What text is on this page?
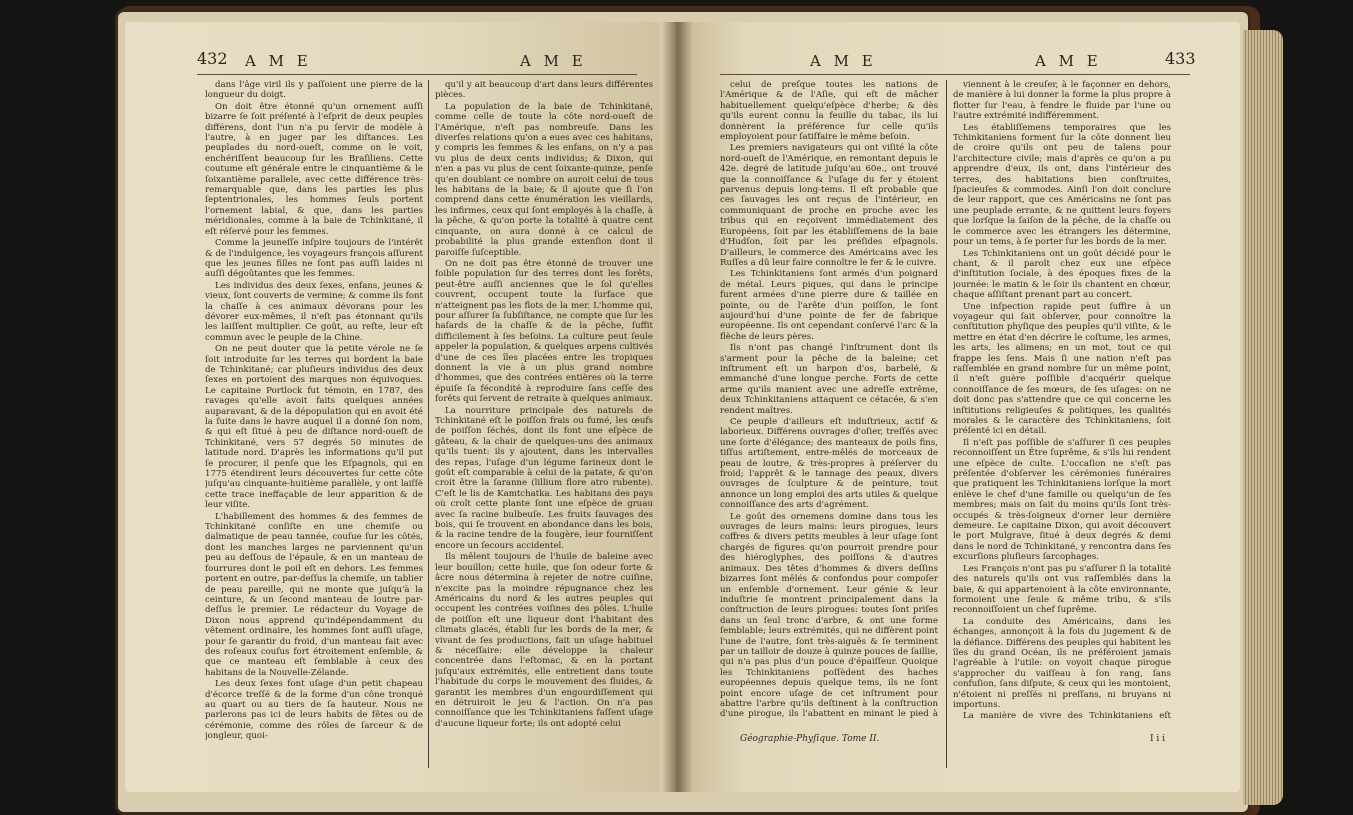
432 A M E	A M E

dans l'âge viril ils y paſſoient une pierre de la longueur du doigt.

On doit être étonné qu'un ornement auſſi bizarre ſe ſoit préſenté à l'eſprit de deux peuples différens, dont l'un n'a pu ſervir de modèle à l'autre, à en juger par les diſtances. Les peuplades du nord-oueſt, comme on le voit, enchériſſent beaucoup ſur les Braſiliens. Cette coutume eſt générale entre le cinquantième & le ſoixantième parallele, avec cette différence très-remarquable que, dans les parties les plus ſeptentrionales, les hommes ſeuls portent l'ornement labial, & que, dans les parties méridionales, comme à la baie de Tchinkitané, il eſt réſervé pour les femmes.

Comme la jeuneſſe inſpire toujours de l'intérêt & de l'indulgence, les voyageurs françois aſſurent que les jeunes filles ne ſont pas auſſi laides ni auſſi dégoûtantes que les femmes.

Les individus des deux ſexes, enfans, jeunes & vieux, ſont couverts de vermine; & comme ils font la chaſſe à ces animaux dévorans pour les dévorer eux-mêmes, il n'eſt pas étonnant qu'ils les laiſſent multiplier. Ce goût, au reſte, leur eſt commun avec le peuple de la Chine.

On ne peut douter que la petite vérole ne ſe ſoit introduite ſur les terres qui bordent la baie de Tchinkitané; car pluſieurs individus des deux ſexes en portoient des marques non équivoques. Le capitaine Portlock fut témoin, en 1787, des ravages qu'elle avoit faits quelques années auparavant, & de la dépopulation qui en avoit été la ſuite dans le havre auquel il a donné ſon nom, & qui eſt ſitué à peu de diſtance nord-oueſt de Tchinkitané, vers 57 degrés 50 minutes de latitude nord. D'après les informations qu'il put ſe procurer, il penſe que les Eſpagnols, qui en 1775 étendirent leurs découvertes ſur cette côte juſqu'au cinquante-huitième parallèle, y ont laiſſé cette trace ineffaçable de leur apparition & de leur viſite.

L'habillement des hommes & des femmes de Tchinkitané conſiſte en une chemiſe ou dalmatique de peau tannée, couſue ſur les côtés, dont les manches larges ne parviennent qu'un peu au deſſous de l'épaule, & en un manteau de fourrures dont le poil eſt en dehors. Les femmes portent en outre, par-deſſus la chemiſe, un tablier de peau pareille, qui ne monte que juſqu'à la ceinture, & un ſecond manteau de loutre par-deſſus le premier. Le rédacteur du Voyage de Dixon nous apprend qu'indépendamment du vêtement ordinaire, les hommes ſont auſſi uſage, pour ſe garantir du froid, d'un manteau fait avec des roſeaux couſus fort étroitement enſemble, & que ce manteau eſt ſemblable à ceux des habitans de la Nouvelle-Zélande.

Les deux ſexes font uſage d'un petit chapeau d'écorce treſſé & de la forme d'un cône tronqué au quart ou au tiers de ſa hauteur. Nous ne parlerons pas ici de leurs habits de fêtes ou de cérémonie, comme des rôles de ſarceur & de jongleur, quoi-

qu'il y ait beaucoup d'art dans leurs différentes pièces.

La population de la baie de Tchinkitané, comme celle de toute la côte nord-oueſt de l'Amérique, n'eſt pas nombreuſe. Dans les diverſes relations qu'on a eues avec ces habitans, y compris les femmes & les enfans, on n'y a pas vu plus de deux cents individus; & Dixon, qui n'en a pas vu plus de cent ſoixante-quinze, penſe qu'en doublant ce nombre on auroit celui de tous les habitans de la baie; & il ajoute que ſi l'on comprend dans cette énumération les vieillards, les infirmes, ceux qui ſont employés à la chaſſe, à la pêche, & qu'on porte la totalité à quatre cent cinquante, on aura donné à ce calcul de probabilité la plus grande extenſion dont il paroiſſe ſuſceptible.

On ne doit pas être étonné de trouver une foible population ſur des terres dont les forêts, peut-être auſſi anciennes que le ſol qu'elles couvrent, occupent toute la ſurface que n'atteignent pas les flots de la mer. L'homme qui, pour aſſurer ſa ſubſiſtance, ne compte que ſur les haſards de la chaſſe & de la pêche, ſuffit difficilement à ſes beſoins. La culture peut ſeule appeler la population, & quelques arpens cultivés d'une de ces îles placées entre les tropiques donnent la vie à un plus grand nombre d'hommes, que des contrées entières où la terre épuiſe ſa fécondité à reproduire ſans ceſſe des forêts qui ſervent de retraite à quelques animaux.

La nourriture principale des naturels de Tchinkitané eſt le poiſſon frais ou fumé, les œufs de poiſſon ſéchés, dont ils font une eſpèce de gâteau, & la chair de quelques-uns des animaux qu'ils tuent: ils y ajoutent, dans les intervalles des repas, l'uſage d'un légume farineux dont le goût eſt comparable à celui de la patate, & qu'on croit être la ſaranne (lillium flore atro rubente). C'eſt le lis de Kamtchatka. Les habitans des pays où croît cette plante ſont une eſpèce de gruau avec ſa racine bulbeuſe. Les fruits ſauvages des bois, qui ſe trouvent en abondance dans les bois, & la racine tendre de la fougère, leur fourniſſent encore un ſecours accidentel.

Ils mêlent toujours de l'huile de baleine avec leur bouillon; cette huile, que ſon odeur forte & âcre nous détermina à rejeter de notre cuiſine, n'excite pas la moindre répugnance chez les Américains du nord & les autres peuples qui occupent les contrées voiſines des pôles. L'huile de poiſſon eſt une liqueur dont l'habitant des climats glacés, établi ſur les bords de la mer, & vivant de ſes productions, fait un uſage habituel & néceſſaire: elle développe la chaleur concentrée dans l'eſtomac, & en la portant juſqu'aux extrémités, elle entretient dans toute l'habitude du corps le mouvement des fluides, & garantit les membres d'un engourdiſſement qui en détruiroit le jeu & l'action. On n'a pas connoiſſance que les Tchinkitaniens faſſent uſage d'aucune liqueur forte; ils ont adopté celui

A M E	A M E	433

celui de preſque toutes les nations de l'Amérique & de l'Aſie, qui eſt de mâcher habituellement quelqu'eſpèce d'herbe; & dès qu'ils eurent connu la feuille du tabac, ils lui donnèrent la préférence ſur celle qu'ils employoient pour ſatiſfaire le même beſoin.

Les premiers navigateurs qui ont viſité la côte nord-oueſt de l'Amérique, en remontant depuis le 42e. degré de latitude juſqu'au 60e., ont trouvé que la connoiſſance & l'uſage du fer y étoient parvenus depuis long-tems. Il eſt probable que ces ſauvages les ont reçus de l'intérieur, en communiquant de proche en proche avec les tribus qui en reçoivent immédiatement des Européens, ſoit par les établiſſemens de la baie d'Hudſon, ſoit par les préſides eſpagnols. D'ailleurs, le commerce des Américains avec les Ruſſes a dû leur faire connoître le fer & le cuivre.

Les Tchinkitaniens ſont armés d'un poignard de métal. Leurs piques, qui dans le principe furent armées d'une pierre dure & taillée en pointe, ou de l'arête d'un poiſſon, le ſont aujourd'hui d'une pointe de fer de fabrique européenne. Ils ont cependant conſervé l'arc & la flèche de leurs pères.

Ils n'ont pas changé l'inſtrument dont ils s'arment pour la pêche de la baleine; cet inſtrument eſt un harpon d'os, barbelé, & emmanché d'une longue perche. Forts de cette arme qu'ils manient avec une adreſſe extrême, deux Tchinkitaniens attaquent ce cétacée, & s'en rendent maîtres.

Ce peuple d'ailleurs eſt induſtrieux, actif & laborieux. Différens ouvrages d'oſier, treſſés avec une ſorte d'élégance; des manteaux de poils fins, tiſſus artiſtement, entre-mêlés de morceaux de peau de loutre, & très-propres à préſerver du froid; l'apprêt & le tannage des peaux, divers ouvrages de ſculpture & de peinture, tout annonce un long emploi des arts utiles & quelque connoiſſance des arts d'agrément.

Le goût des ornemens domine dans tous les ouvrages de leurs mains: leurs pirogues, leurs coffres & divers petits meubles à leur uſage ſont chargés de figures qu'on pourroit prendre pour des hiéroglyphes, des poiſſons & d'autres animaux. Des têtes d'hommes & divers deſſins bizarres ſont mêlés & confondus pour compoſer un enſemble d'ornement. Leur génie & leur induſtrie ſe montrent principalement dans la conſtruction de leurs pirogues: toutes ſont priſes dans un ſeul tronc d'arbre, & ont une forme ſemblable; leurs extrémités, qui ne diffèrent point l'une de l'autre, ſont très-aiguës & ſe terminent par un tailloir de douze à quinze pouces de ſaillie, qui n'a pas plus d'un pouce d'épaiſſeur. Quoique les Tchinkitaniens poſſèdent des haches européennes depuis quelque tems, ils ne ſont point encore uſage de cet inſtrument pour abattre l'arbre qu'ils deſtinent à la conſtruction d'une pirogue, ils l'abattent en minant le pied à

viennent à le creuſer, à le façonner en dehors, de manière à lui donner la forme la plus propre à flotter ſur l'eau, à fendre le fluide par l'une ou l'autre extrémité indifféremment.

Les établiſſemens temporaires que les Tchinkitaniens forment ſur la côte donnent lieu de croire qu'ils ont peu de talens pour l'architecture civile; mais d'après ce qu'on a pu apprendre d'eux, ils ont, dans l'intérieur des terres, des habitations bien conſtruites, ſpacieuſes & commodes. Ainſi l'on doit conclure de leur rapport, que ces Américains ne ſont pas une peuplade errante, & ne quittent leurs foyers que lorſque la ſaiſon de la pêche, de la chaſſe ou le commerce avec les étrangers les détermine, pour un tems, à ſe porter ſur les bords de la mer.

Les Tchinkitaniens ont un goût décidé pour le chant, & il paroît chez eux une eſpèce d'inſtitution ſociale, à des époques fixes de la journée: le matin & le ſoir ils chantent en chœur, chaque aſſiſtant prenant part au concert.

Une inſpection rapide peut ſuffire à un voyageur qui ſait obſerver, pour connoître la conſtitution phyſique des peuples qu'il viſite, & le mettre en état d'en décrire le coſtume, les armes, les arts, les alimens; en un mot, tout ce qui frappe les ſens. Mais ſi une nation n'eſt pas raſſemblée en grand nombre ſur un même point, il n'eſt guère poſſible d'acquérir quelque connoiſſance de ſes mœurs, de ſes uſages: on ne doit donc pas s'attendre que ce qui concerne les inſtitutions religieuſes & politiques, les qualités morales & le caractère des Tchinkitaniens, ſoit préſenté ici en détail.

Il n'eſt pas poſſible de s'aſſurer ſi ces peuples reconnoiſſent un Être ſuprême, & s'ils lui rendent une eſpèce de culte. L'occaſion ne s'eſt pas préſentée d'obſerver les cérémonies funéraires que pratiquent les Tchinkitaniens lorſque la mort enlève le chef d'une famille ou quelqu'un de ſes membres; mais on ſait du moins qu'ils ſont très-occupés & très-ſoigneux d'orner leur dernière demeure. Le capitaine Dixon, qui avoit découvert le port Mulgrave, ſitué à deux degrés & demi dans le nord de Tchinkitané, y rencontra dans ſes excurſions pluſieurs ſarcophages.

Les François n'ont pas pu s'aſſurer ſi la totalité des naturels qu'ils ont vus raſſemblés dans la baie, & qui appartenoient à la côte environnante, formoient une ſeule & même tribu, & s'ils reconnoiſſoient un chef ſuprême.

La conduite des Américains, dans les échanges, annonçoit à la fois du jugement & de la défiance. Différens des peuples qui habitent les îles du grand Océan, ils ne préféroient jamais l'agréable à l'utile: on voyoit chaque pirogue s'approcher du vaiſſeau à ſon rang, ſans confuſion, ſans diſpute, & ceux qui les montoient, n'étoient ni preſſés ni preſſans, ni bruyans ni importuns.

La manière de vivre des Tchinkitaniens eſt

Géographie-Phyſique. Tome II.	I i i
